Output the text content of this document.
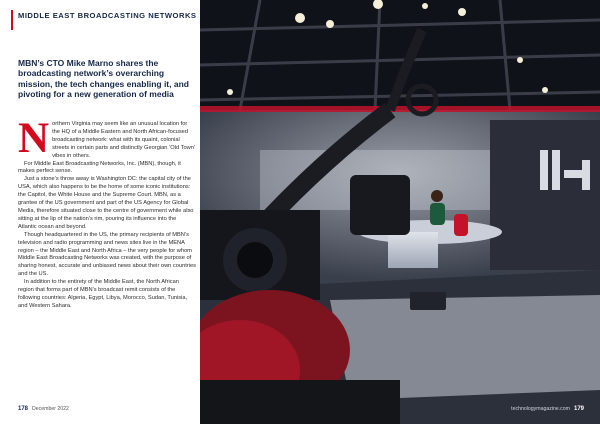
MIDDLE EAST BROADCASTING NETWORKS

MBN’s CTO Mike Marno shares the broadcasting network’s overarching mission, the tech changes enabling it, and pivoting for a new generation of media

Northern Virginia may seem like an unusual location for the HQ of a Middle Eastern and North African-focused broadcasting network: what with its quaint, colonial streets in certain parts and distinctly Georgian ‘Old Town’ vibes in others.

For Middle East Broadcasting Networks, Inc. (MBN), though, it makes perfect sense.

Just a stone’s throw away is Washington DC: the capital city of the USA, which also happens to be the home of some iconic institutions: the Capitol, the White House and the Supreme Court. MBN, as a grantee of the US government and part of the US Agency for Global Media, therefore situated close to the centre of government while also sitting at the lip of the nation’s rim, pouring its influence into the Atlantic ocean and beyond.

Though headquartered in the US, the primary recipients of MBN’s television and radio programming and news sites live in the MENA region – the Middle East and North Africa – the very people for whom Middle East Broadcasting Networks was created, with the purpose of sharing honest, accurate and unbiased news about their own countries and the US.

In addition to the entirety of the Middle East, the North African region that forms part of MBN’s broadcast remit consists of the following countries: Algeria, Egypt, Libya, Morocco, Sudan, Tunisia, and Western Sahara.

178 December 2022	technologymagazine.com 179
